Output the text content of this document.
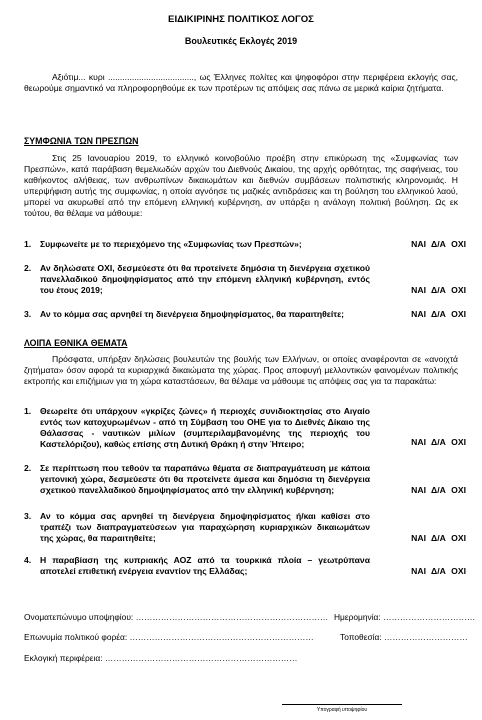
ΕΙΔΙΚΙΡΙΝΗΣ ΠΟΛΙΤΙΚΟΣ ΛΟΓΟΣ
Βουλευτικές Εκλογές 2019
Αξιότιμ... κυρι ...................................., ως Έλληνες πολίτες και ψηφοφόροι στην περιφέρεια εκλογής σας, θεωρούμε σημαντικό να πληροφορηθούμε εκ των προτέρων τις απόψεις σας πάνω σε μερικά καίρια ζητήματα.
ΣΥΜΦΩΝΙΑ ΤΩΝ ΠΡΕΣΠΩΝ
Στις 25 Ιανουαρίου 2019, το ελληνικό κοινοβούλιο προέβη στην επικύρωση της «Συμφωνίας των Πρεσπών», κατά παράβαση θεμελιωδών αρχών του Διεθνούς Δικαίου, της αρχής ορθότητας, της σαφήνειας, του καθήκοντος αλήθειας, των ανθρωπίνων δικαιωμάτων και διεθνών συμβάσεων πολιτιστικής κληρονομιάς. Η υπερψήφιση αυτής της συμφωνίας, η οποία αγνόησε τις μαζικές αντιδράσεις και τη βούληση του ελληνικού λαού, μπορεί να ακυρωθεί από την επόμενη ελληνική κυβέρνηση, αν υπάρξει η ανάλογη πολιτική βούληση. Ως εκ τούτου, θα θέλαμε να μάθουμε:
1. Συμφωνείτε με το περιεχόμενο της «Συμφωνίας των Πρεσπών»;	ΝΑΙ Δ/Α ΟΧΙ
2. Αν δηλώσατε ΟΧΙ, δεσμεύεστε ότι θα προτείνετε δημόσια τη διενέργεια σχετικού πανελλαδικού δημοψηφίσματος από την επόμενη ελληνική κυβέρνηση, εντός του έτους 2019;	ΝΑΙ Δ/Α ΟΧΙ
3. Αν το κόμμα σας αρνηθεί τη διενέργεια δημοψηφίσματος, θα παραιτηθείτε;	ΝΑΙ Δ/Α ΟΧΙ
ΛΟΙΠΑ ΕΘΝΙΚΑ ΘΕΜΑΤΑ
Πρόσφατα, υπήρξαν δηλώσεις βουλευτών της βουλής των Ελλήνων, οι οποίες αναφέρονται σε «ανοιχτά ζητήματα» όσον αφορά τα κυριαρχικά δικαιώματα της χώρας. Προς αποφυγή μελλοντικών φαινομένων πολιτικής εκτροπής και επιζήμιων για τη χώρα καταστάσεων, θα θέλαμε να μάθουμε τις απόψεις σας για τα παρακάτω:
1. Θεωρείτε ότι υπάρχουν «γκρίζες ζώνες» ή περιοχές συνιδιοκτησίας στο Αιγαίο εντός των κατοχυρωμένων - από τη Σύμβαση του ΟΗΕ για το Διεθνές Δίκαιο της Θάλασσας - ναυτικών μιλίων (συμπεριλαμβανομένης της περιοχής του Καστελόριζου), καθώς επίσης στη Δυτική Θράκη ή στην Ήπειρο;	ΝΑΙ Δ/Α ΟΧΙ
2. Σε περίπτωση που τεθούν τα παραπάνω θέματα σε διαπραγμάτευση με κάποια γειτονική χώρα, δεσμεύεστε ότι θα προτείνετε άμεσα και δημόσια τη διενέργεια σχετικού πανελλαδικού δημοψηφίσματος από την ελληνική κυβέρνηση;	ΝΑΙ Δ/Α ΟΧΙ
3. Αν το κόμμα σας αρνηθεί τη διενέργεια δημοψηφίσματος ή/και καθίσει στο τραπέζι των διαπραγματεύσεων για παραχώρηση κυριαρχικών δικαιωμάτων της χώρας, θα παραιτηθείτε;	ΝΑΙ Δ/Α ΟΧΙ
4. Η παραβίαση της κυπριακής ΑΟΖ από τα τουρκικά πλοία – γεωτρύπανα αποτελεί επιθετική ενέργεια εναντίον της Ελλάδας;	ΝΑΙ Δ/Α ΟΧΙ
Ονοματεπώνυμο υποψηφίου: …………………………………………………………… Ημερομηνία: ……………………………
Επωνυμία πολιτικού φορέα: …………………………………………………………	Τοποθεσία: …………………………
Εκλογική περιφέρεια: ……………………………………………………………
Υπογραφή υποψηφίου
